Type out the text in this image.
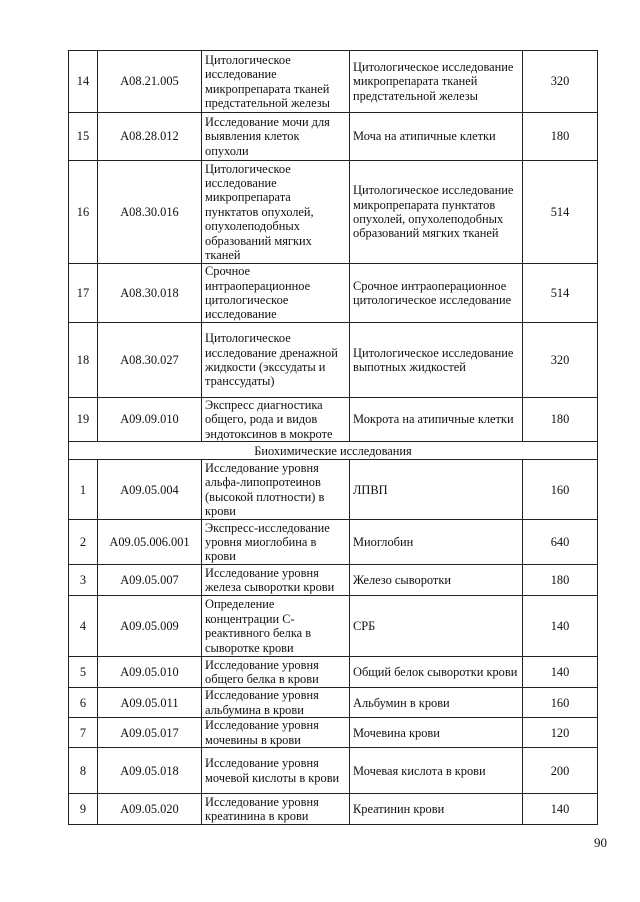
14	A08.21.005	Цитологическое исследование микропрепарата тканей предстательной железы	Цитологическое исследование микропрепарата тканей предстательной железы	320
15	A08.28.012	Исследование мочи для выявления клеток опухоли	Моча на атипичные клетки	180
16	A08.30.016	Цитологическое исследование микропрепарата пунктатов опухолей, опухолеподобных образований мягких тканей	Цитологическое исследование микропрепарата пунктатов опухолей, опухолеподобных образований мягких тканей	514
17	A08.30.018	Срочное интраоперационное цитологическое исследование	Срочное интраоперационное цитологическое исследование	514
18	A08.30.027	Цитологическое исследование дренажной жидкости (экссудаты и транссудаты)	Цитологическое исследование выпотных жидкостей	320
19	A09.09.010	Экспресс диагностика общего, рода и видов эндотоксинов в мокроте	Мокрота на атипичные клетки	180
Биохимические исследования				
1	A09.05.004	Исследование уровня альфа-липопротеинов (высокой плотности) в крови	ЛПВП	160
2	A09.05.006.001	Экспресс-исследование уровня миоглобина в крови	Миоглобин	640
3	A09.05.007	Исследование уровня железа сыворотки крови	Железо сыворотки	180
4	A09.05.009	Определение концентрации С-реактивного белка в сыворотке крови	СРБ	140
5	A09.05.010	Исследование уровня общего белка в крови	Общий белок сыворотки крови	140
6	A09.05.011	Исследование уровня альбумина в крови	Альбумин в крови	160
7	A09.05.017	Исследование уровня мочевины в крови	Мочевина крови	120
8	A09.05.018	Исследование уровня мочевой кислоты в крови	Мочевая кислота в крови	200
9	A09.05.020	Исследование уровня креатинина в крови	Креатинин крови	140
90
